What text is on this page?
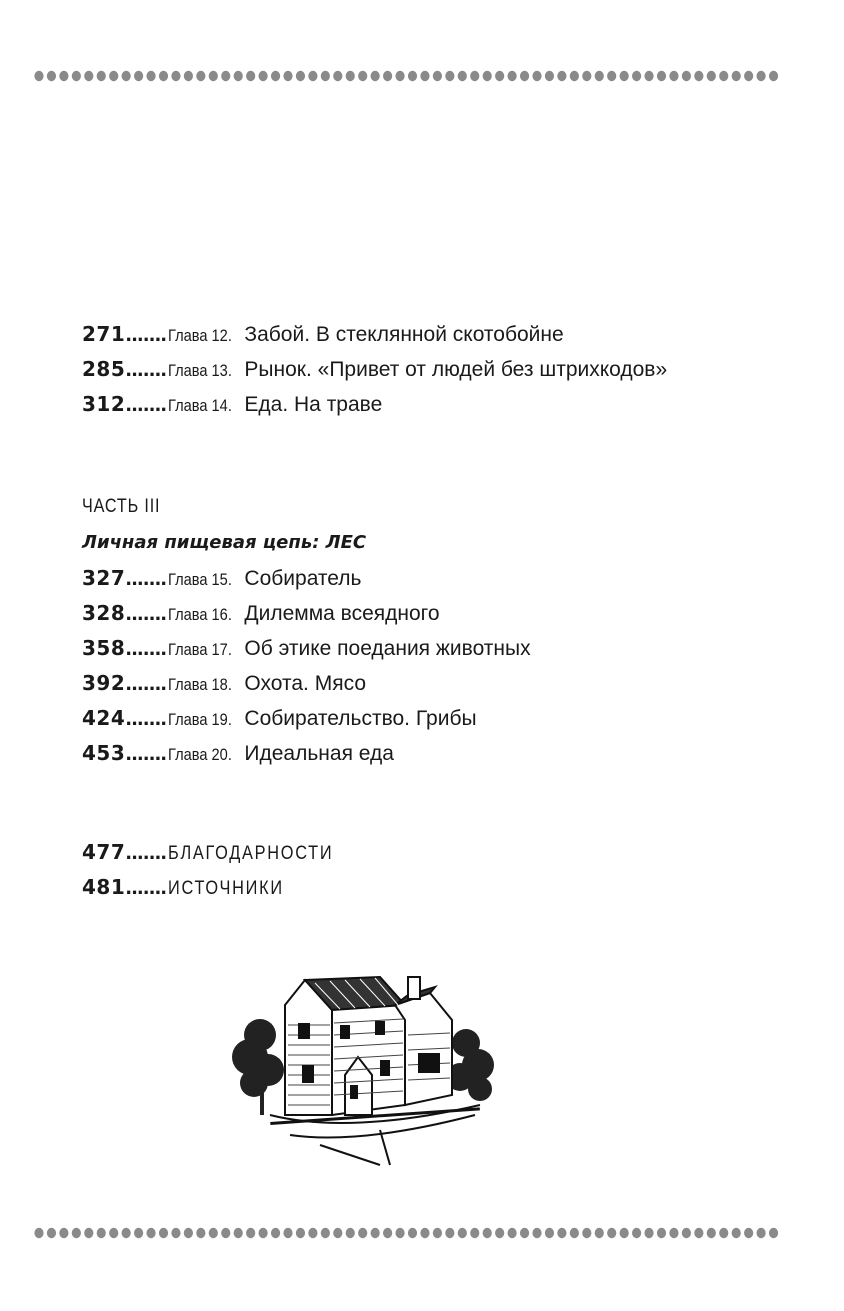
271 ....... Глава 12. Забой. В стеклянной скотобойне
285 ....... Глава 13. Рынок. «Привет от людей без штрихкодов»
312 ....... Глава 14. Еда. На траве
ЧАСТЬ III
Личная пищевая цепь: ЛЕС
327 ....... Глава 15. Собиратель
328 ....... Глава 16. Дилемма всеядного
358 ....... Глава 17. Об этике поедания животных
392 ....... Глава 18. Охота. Мясо
424 ....... Глава 19. Собирательство. Грибы
453 ....... Глава 20. Идеальная еда
477 ....... БЛАГОДАРНОСТИ
481 ....... ИСТОЧНИКИ
